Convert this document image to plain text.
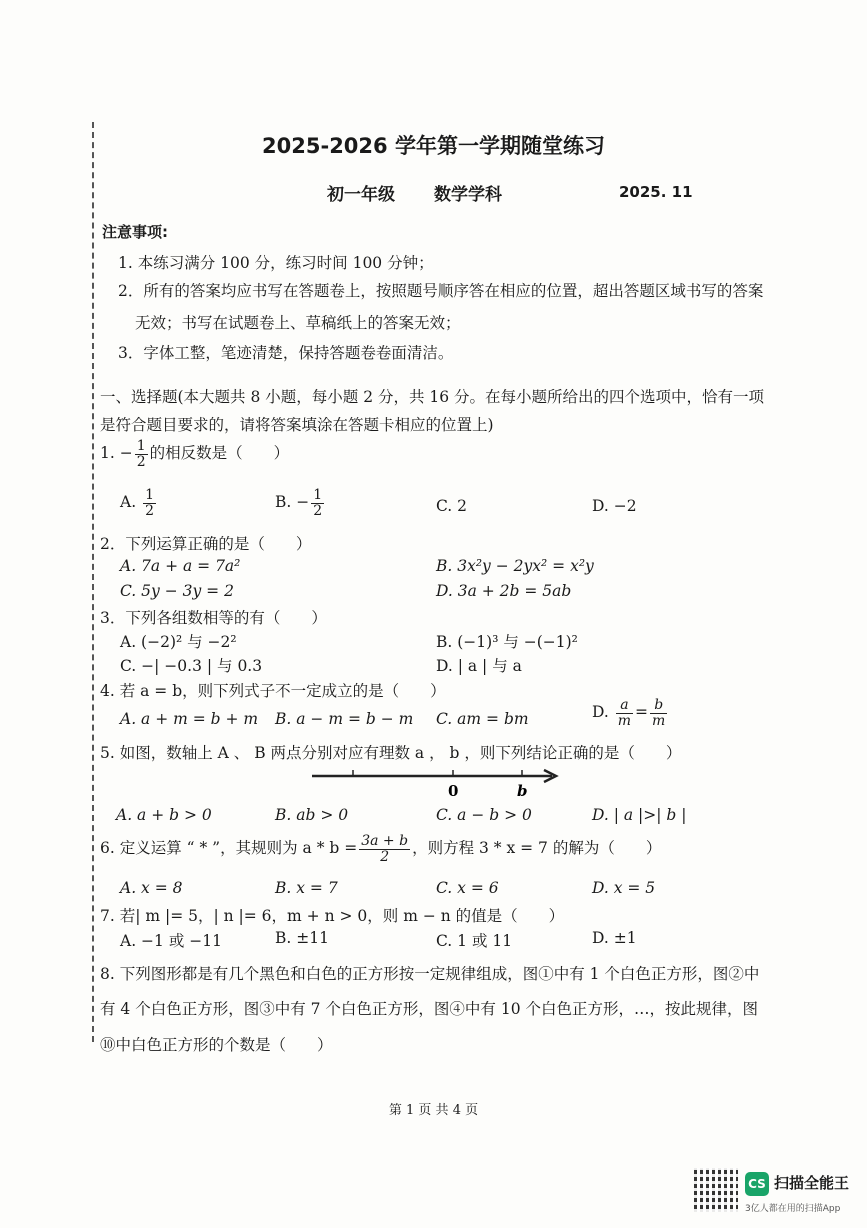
2025-2026 学年第一学期随堂练习
初一年级 数学学科	2025. 11
注意事项:
1. 本练习满分 100 分，练习时间 100 分钟；
2．所有的答案均应书写在答题卷上，按照题号顺序答在相应的位置，超出答题区域书写的答案
无效；书写在试题卷上、草稿纸上的答案无效；
3．字体工整，笔迹清楚，保持答题卷卷面清洁。
一、选择题(本大题共 8 小题，每小题 2 分，共 16 分。在每小题所给出的四个选项中，恰有一项
是符合题目要求的，请将答案填涂在答题卡相应的位置上)
1. − $\frac{1}{2}$ 的相反数是（　　）
A. $\frac{1}{2}$	B. − $\frac{1}{2}$	C. 2	D. −2
2．下列运算正确的是（　　）
A. 7a + a = 7a²	B. 3x²y − 2yx² = x²y
C. 5y − 3y = 2	D. 3a + 2b = 5ab
3．下列各组数相等的有（　　）
A. (−2)² 与 −2²	B. (−1)³ 与 −(−1)²
C. −| −0.3 | 与 0.3	D. | a | 与 a
4. 若 a = b，则下列式子不一定成立的是（　　）
A. a + m = b + m B. a − m = b − m C. am = bm	D. $\frac{a}{m} = \frac{b}{m}$
5. 如图，数轴上 A 、 B 两点分别对应有理数 a ， b ，则下列结论正确的是（　　）
0	b
A. a + b > 0	B. ab > 0	C. a − b > 0	D. | a |>| b |
6. 定义运算 “ * ”，其规则为 $a * b = \frac{3a + b}{2}$ ，则方程 3 * x = 7 的解为（　　）
A. x = 8	B. x = 7	C. x = 6	D. x = 5
7. 若| m |= 5，| n |= 6，m + n > 0，则 m − n 的值是（　　）
A. −1 或 −11	B. ±11	C. 1 或 11	D. ±1
8. 下列图形都是有几个黑色和白色的正方形按一定规律组成，图①中有 1 个白色正方形，图②中
有 4 个白色正方形，图③中有 7 个白色正方形，图④中有 10 个白色正方形，…，按此规律，图
⑩中白色正方形的个数是（　　）
第 1 页 共 4 页
CS 扫描全能王
3亿人都在用的扫描App
